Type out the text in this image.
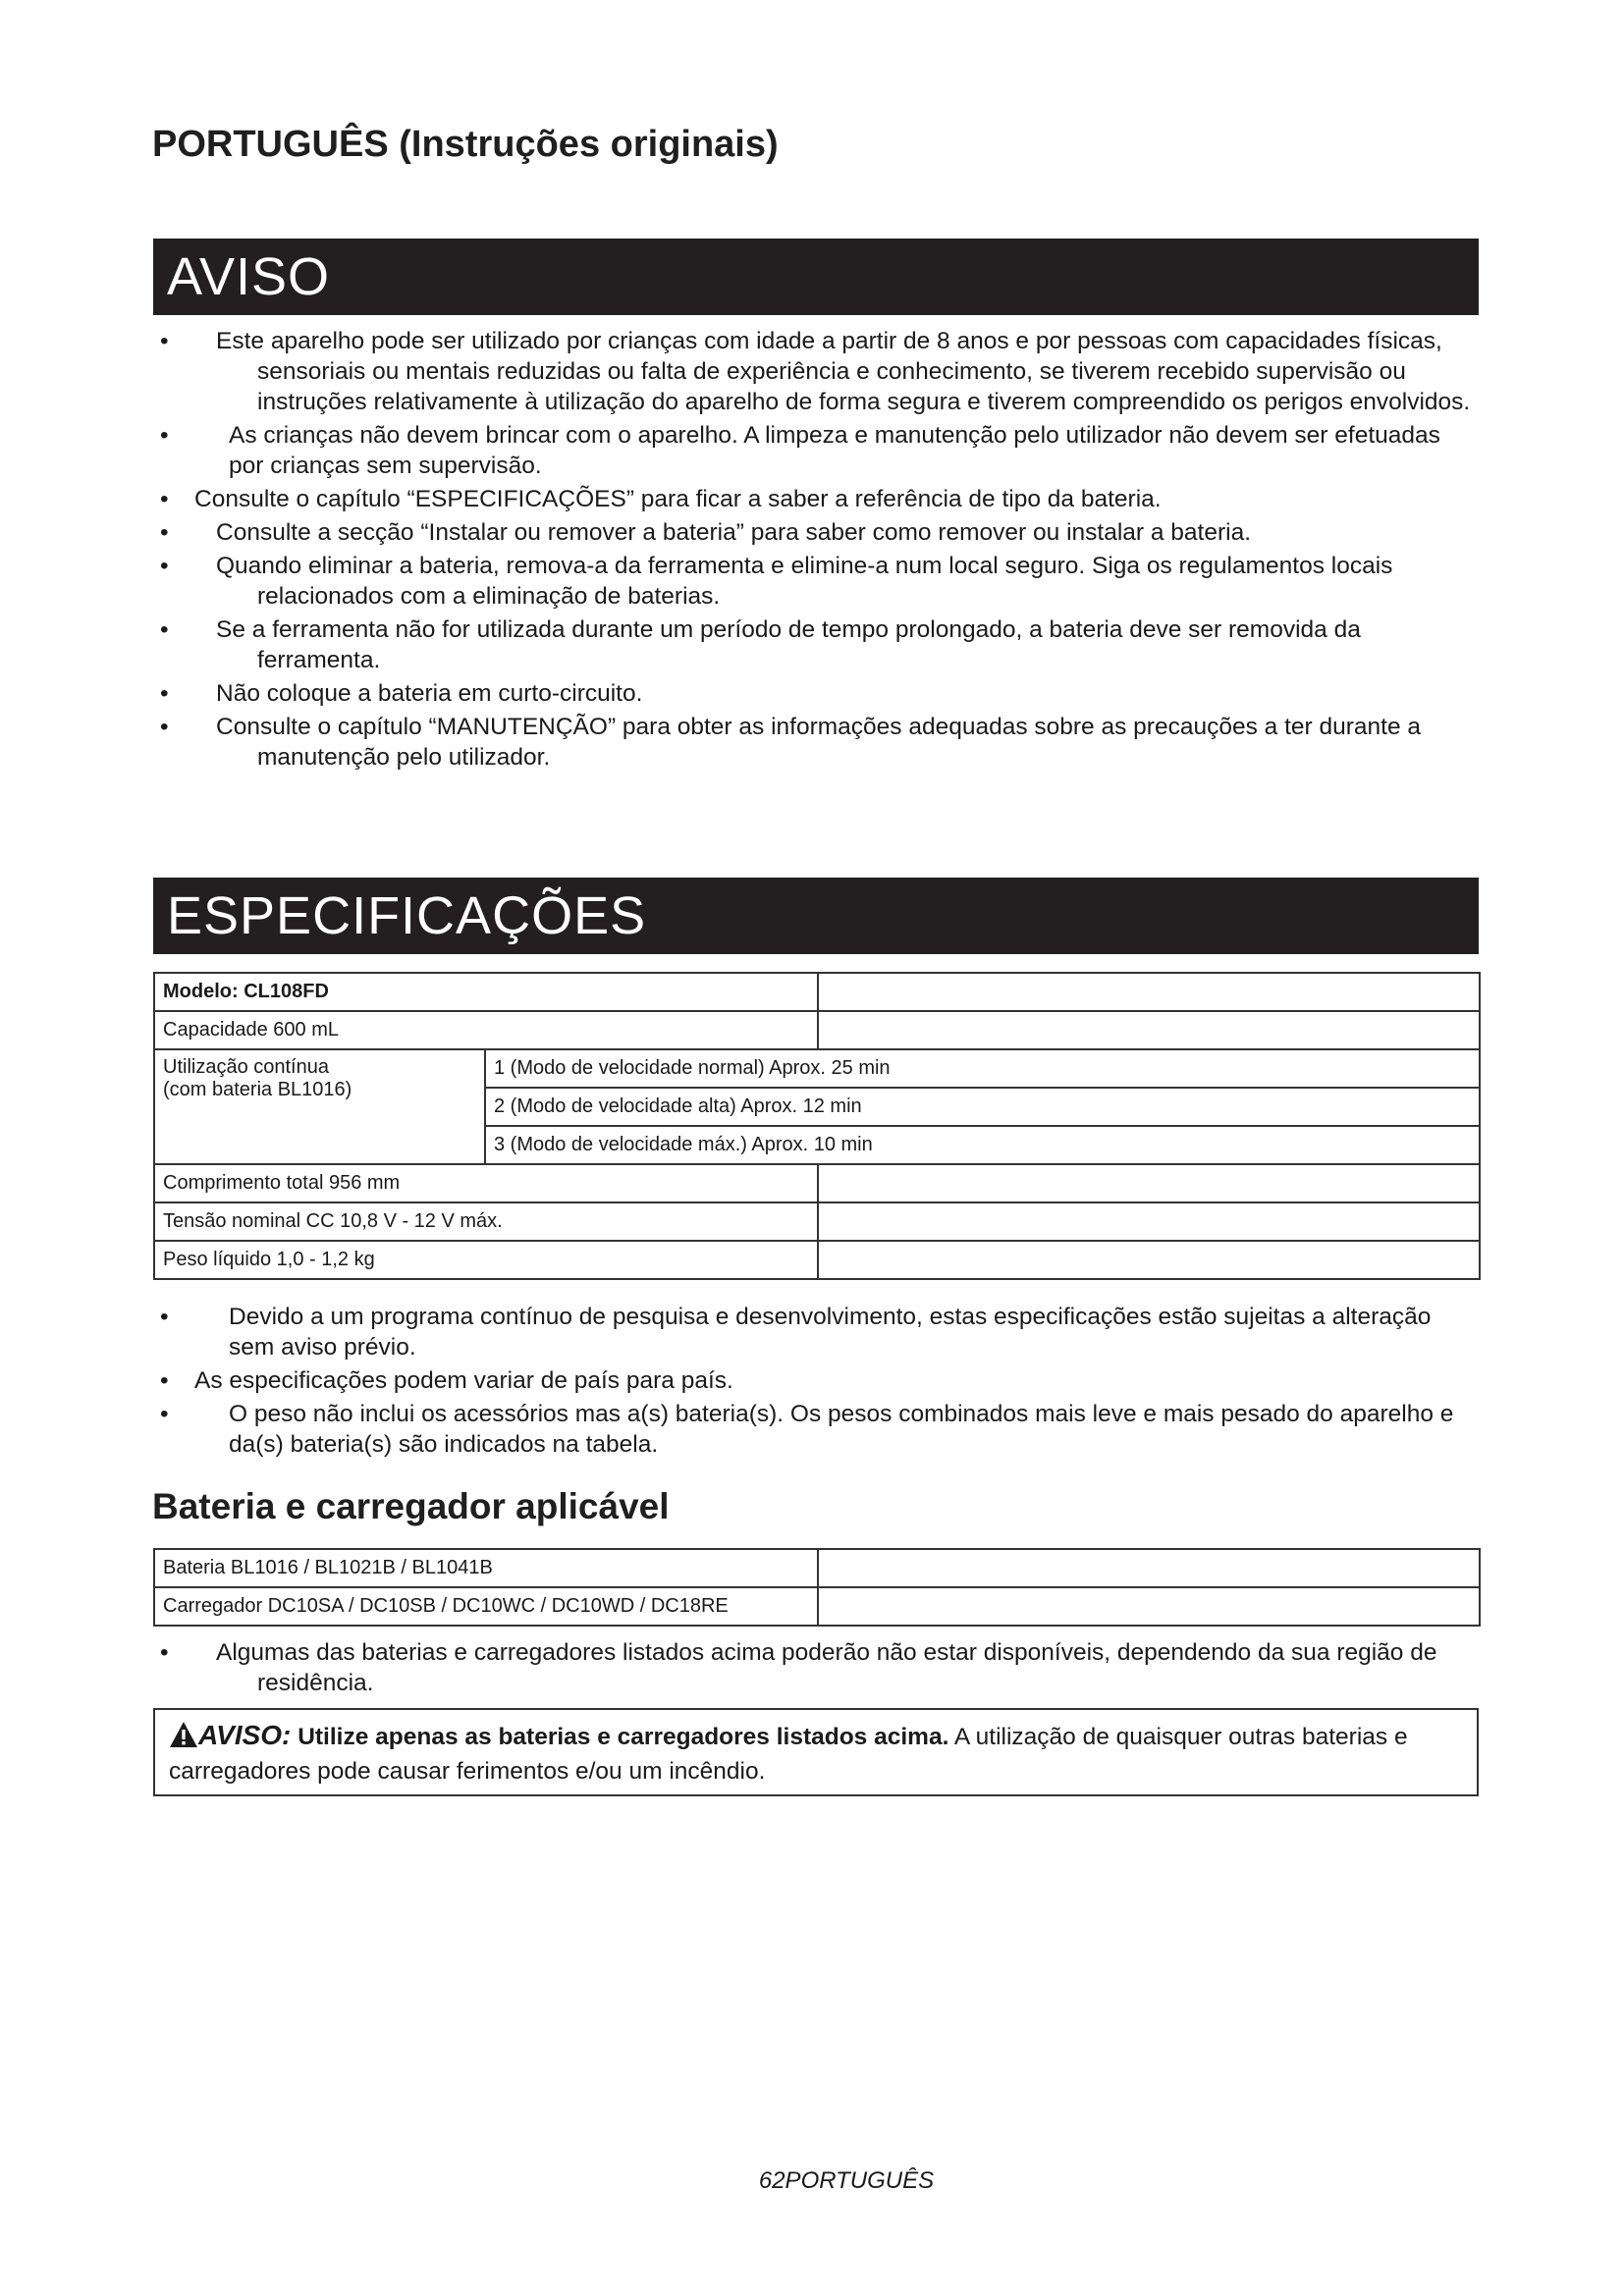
PORTUGUÊS (Instruções originais)
AVISO
• Este aparelho pode ser utilizado por crianças com idade a partir de 8 anos e por pessoas com capacidades físicas, sensoriais ou mentais reduzidas ou falta de experiência e conhecimento, se tiverem recebido supervisão ou instruções relativamente à utilização do aparelho de forma segura e tiverem compreendido os perigos envolvidos.
•	As crianças não devem brincar com o aparelho. A limpeza e manutenção pelo utilizador não devem ser efetuadas por crianças sem supervisão.
•	Consulte o capítulo “ESPECIFICAÇÕES” para ficar a saber a referência de tipo da bateria.
• Consulte a secção “Instalar ou remover a bateria” para saber como remover ou instalar a bateria.
• Quando eliminar a bateria, remova-a da ferramenta e elimine-a num local seguro. Siga os regulamentos locais relacionados com a eliminação de baterias.
• Se a ferramenta não for utilizada durante um período de tempo prolongado, a bateria deve ser removida da ferramenta.
• Não coloque a bateria em curto-circuito.
• Consulte o capítulo “MANUTENÇÃO” para obter as informações adequadas sobre as precauções a ter durante a manutenção pelo utilizador.
ESPECIFICAÇÕES
Modelo: CL108FD		
Capacidade 600 mL		

Utilização contínua
(com bateria BL1016)	1 (Modo de velocidade normal) Aprox. 25 min	
	2 (Modo de velocidade alta) Aprox. 12 min	
	3 (Modo de velocidade máx.) Aprox. 10 min	
Comprimento total 956 mm		
Tensão nominal CC 10,8 V - 12 V máx.		
Peso líquido 1,0 - 1,2 kg		
•	Devido a um programa contínuo de pesquisa e desenvolvimento, estas especificações estão sujeitas a alteração sem aviso prévio.
•	As especificações podem variar de país para país.
•	O peso não inclui os acessórios mas a(s) bateria(s). Os pesos combinados mais leve e mais pesado do aparelho e da(s) bateria(s) são indicados na tabela.
Bateria e carregador aplicável
Bateria BL1016 / BL1021B / BL1041B	
Carregador DC10SA / DC10SB / DC10WC / DC10WD / DC18RE	
• Algumas das baterias e carregadores listados acima poderão não estar disponíveis, dependendo da sua região de residência.
AVISO: Utilize apenas as baterias e carregadores listados acima. A utilização de quaisquer outras baterias e carregadores pode causar ferimentos e/ou um incêndio.
62PORTUGUÊS
